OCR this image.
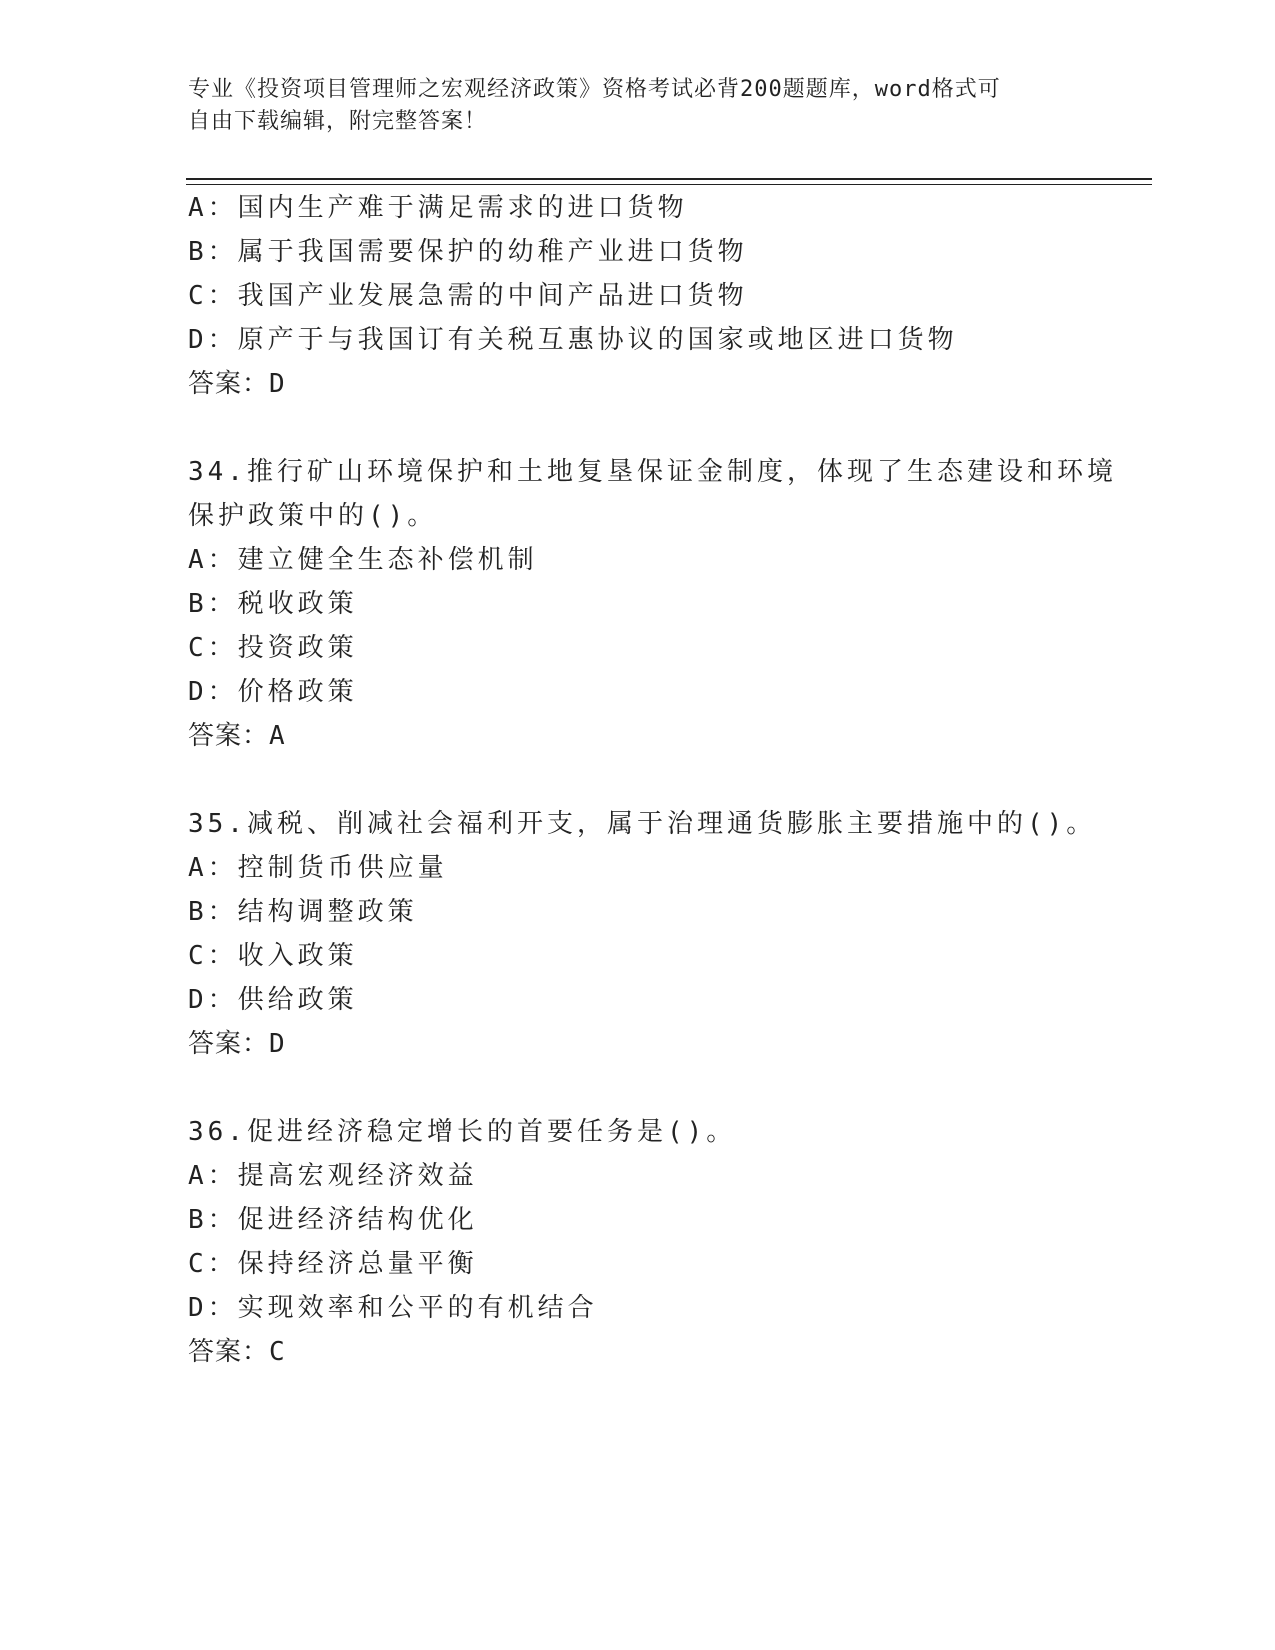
专业《投资项目管理师之宏观经济政策》资格考试必背200题题库，word格式可
自由下载编辑，附完整答案！
A：国内生产难于满足需求的进口货物
B：属于我国需要保护的幼稚产业进口货物
C：我国产业发展急需的中间产品进口货物
D：原产于与我国订有关税互惠协议的国家或地区进口货物
答案：D
34.推行矿山环境保护和土地复垦保证金制度，体现了生态建设和环境
保护政策中的()。
A：建立健全生态补偿机制
B：税收政策
C：投资政策
D：价格政策
答案：A
35.减税、削减社会福利开支，属于治理通货膨胀主要措施中的()。
A：控制货币供应量
B：结构调整政策
C：收入政策
D：供给政策
答案：D
36.促进经济稳定增长的首要任务是()。
A：提高宏观经济效益
B：促进经济结构优化
C：保持经济总量平衡
D：实现效率和公平的有机结合
答案：C
